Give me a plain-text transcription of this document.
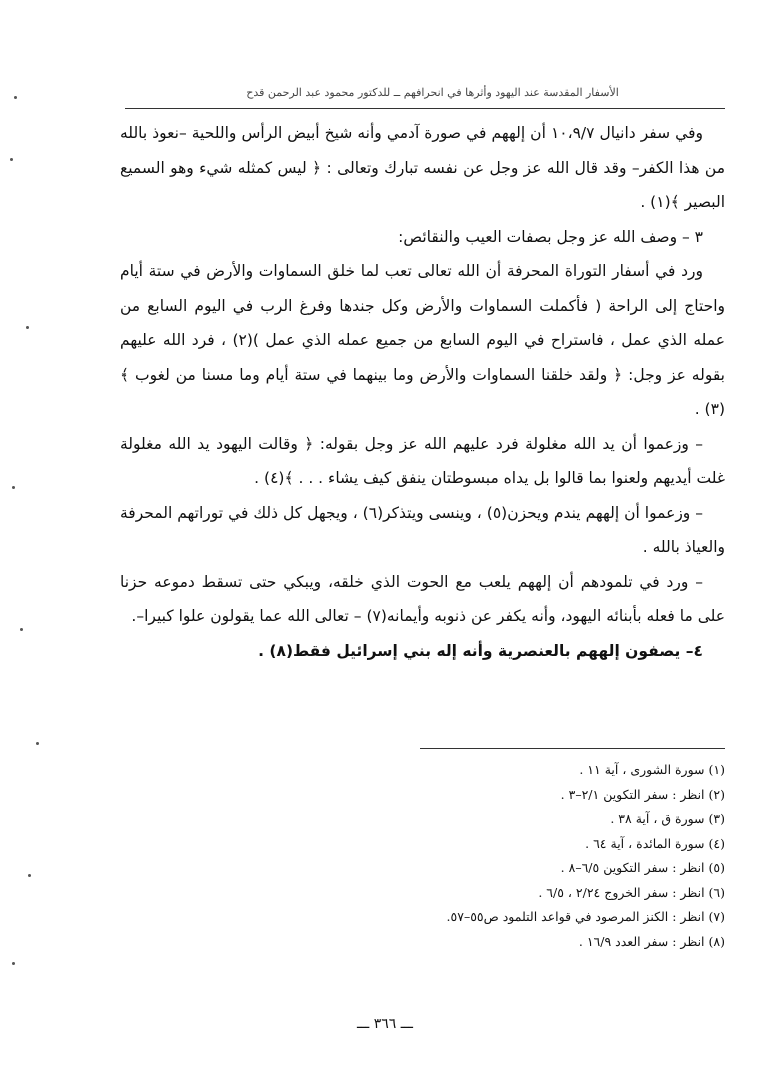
الأسفار المقدسة عند اليهود وأثرها في انحرافهم ــ للدكتور محمود عبد الرحمن قدح

وفي سفر دانيال ١٠،٩/٧ أن إلههم في صورة آدمي وأنه شيخ أبيض الرأس واللحية –نعوذ بالله من هذا الكفر– وقد قال الله عز وجل عن نفسه تبارك وتعالى : ﴿ ليس كمثله شيء وهو السميع البصير ﴾(١) .

٣ – وصف الله عز وجل بصفات العيب والنقائص:

ورد في أسفار التوراة المحرفة أن الله تعالى تعب لما خلق السماوات والأرض في ستة أيام واحتاج إلى الراحة ( فأكملت السماوات والأرض وكل جندها وفرغ الرب في اليوم السابع من عمله الذي عمل ، فاستراح في اليوم السابع من جميع عمله الذي عمل )(٢) ، فرد الله عليهم بقوله عز وجل: ﴿ ولقد خلقنا السماوات والأرض وما بينهما في ستة أيام وما مسنا من لغوب ﴾(٣) .

– وزعموا أن يد الله مغلولة فرد عليهم الله عز وجل بقوله: ﴿ وقالت اليهود يد الله مغلولة غلت أيديهم ولعنوا بما قالوا بل يداه مبسوطتان ينفق كيف يشاء . . . ﴾(٤) .

– وزعموا أن إلههم يندم ويحزن(٥) ، وينسى ويتذكر(٦) ، ويجهل كل ذلك في توراتهم المحرفة والعياذ بالله .

– ورد في تلمودهم أن إلههم يلعب مع الحوت الذي خلقه، ويبكي حتى تسقط دموعه حزنا على ما فعله بأبنائه اليهود، وأنه يكفر عن ذنوبه وأيمانه(٧) – تعالى الله عما يقولون علوا كبيرا–.

٤– يصفون إلههم بالعنصرية وأنه إله بني إسرائيل فقط(٨) .

(١) سورة الشورى ، آية ١١ .
(٢) انظر : سفر التكوين ٢/١–٣ .
(٣) سورة ق ، آية ٣٨ .
(٤) سورة المائدة ، آية ٦٤ .
(٥) انظر : سفر التكوين ٦/٥–٨ .
(٦) انظر : سفر الخروج ٢/٢٤ ، ٦/٥ .
(٧) انظر : الكنز المرصود في قواعد التلمود ص٥٥–٥٧.
(٨) انظر : سفر العدد ١٦/٩ .
ـــ ٣٦٦ ـــ
